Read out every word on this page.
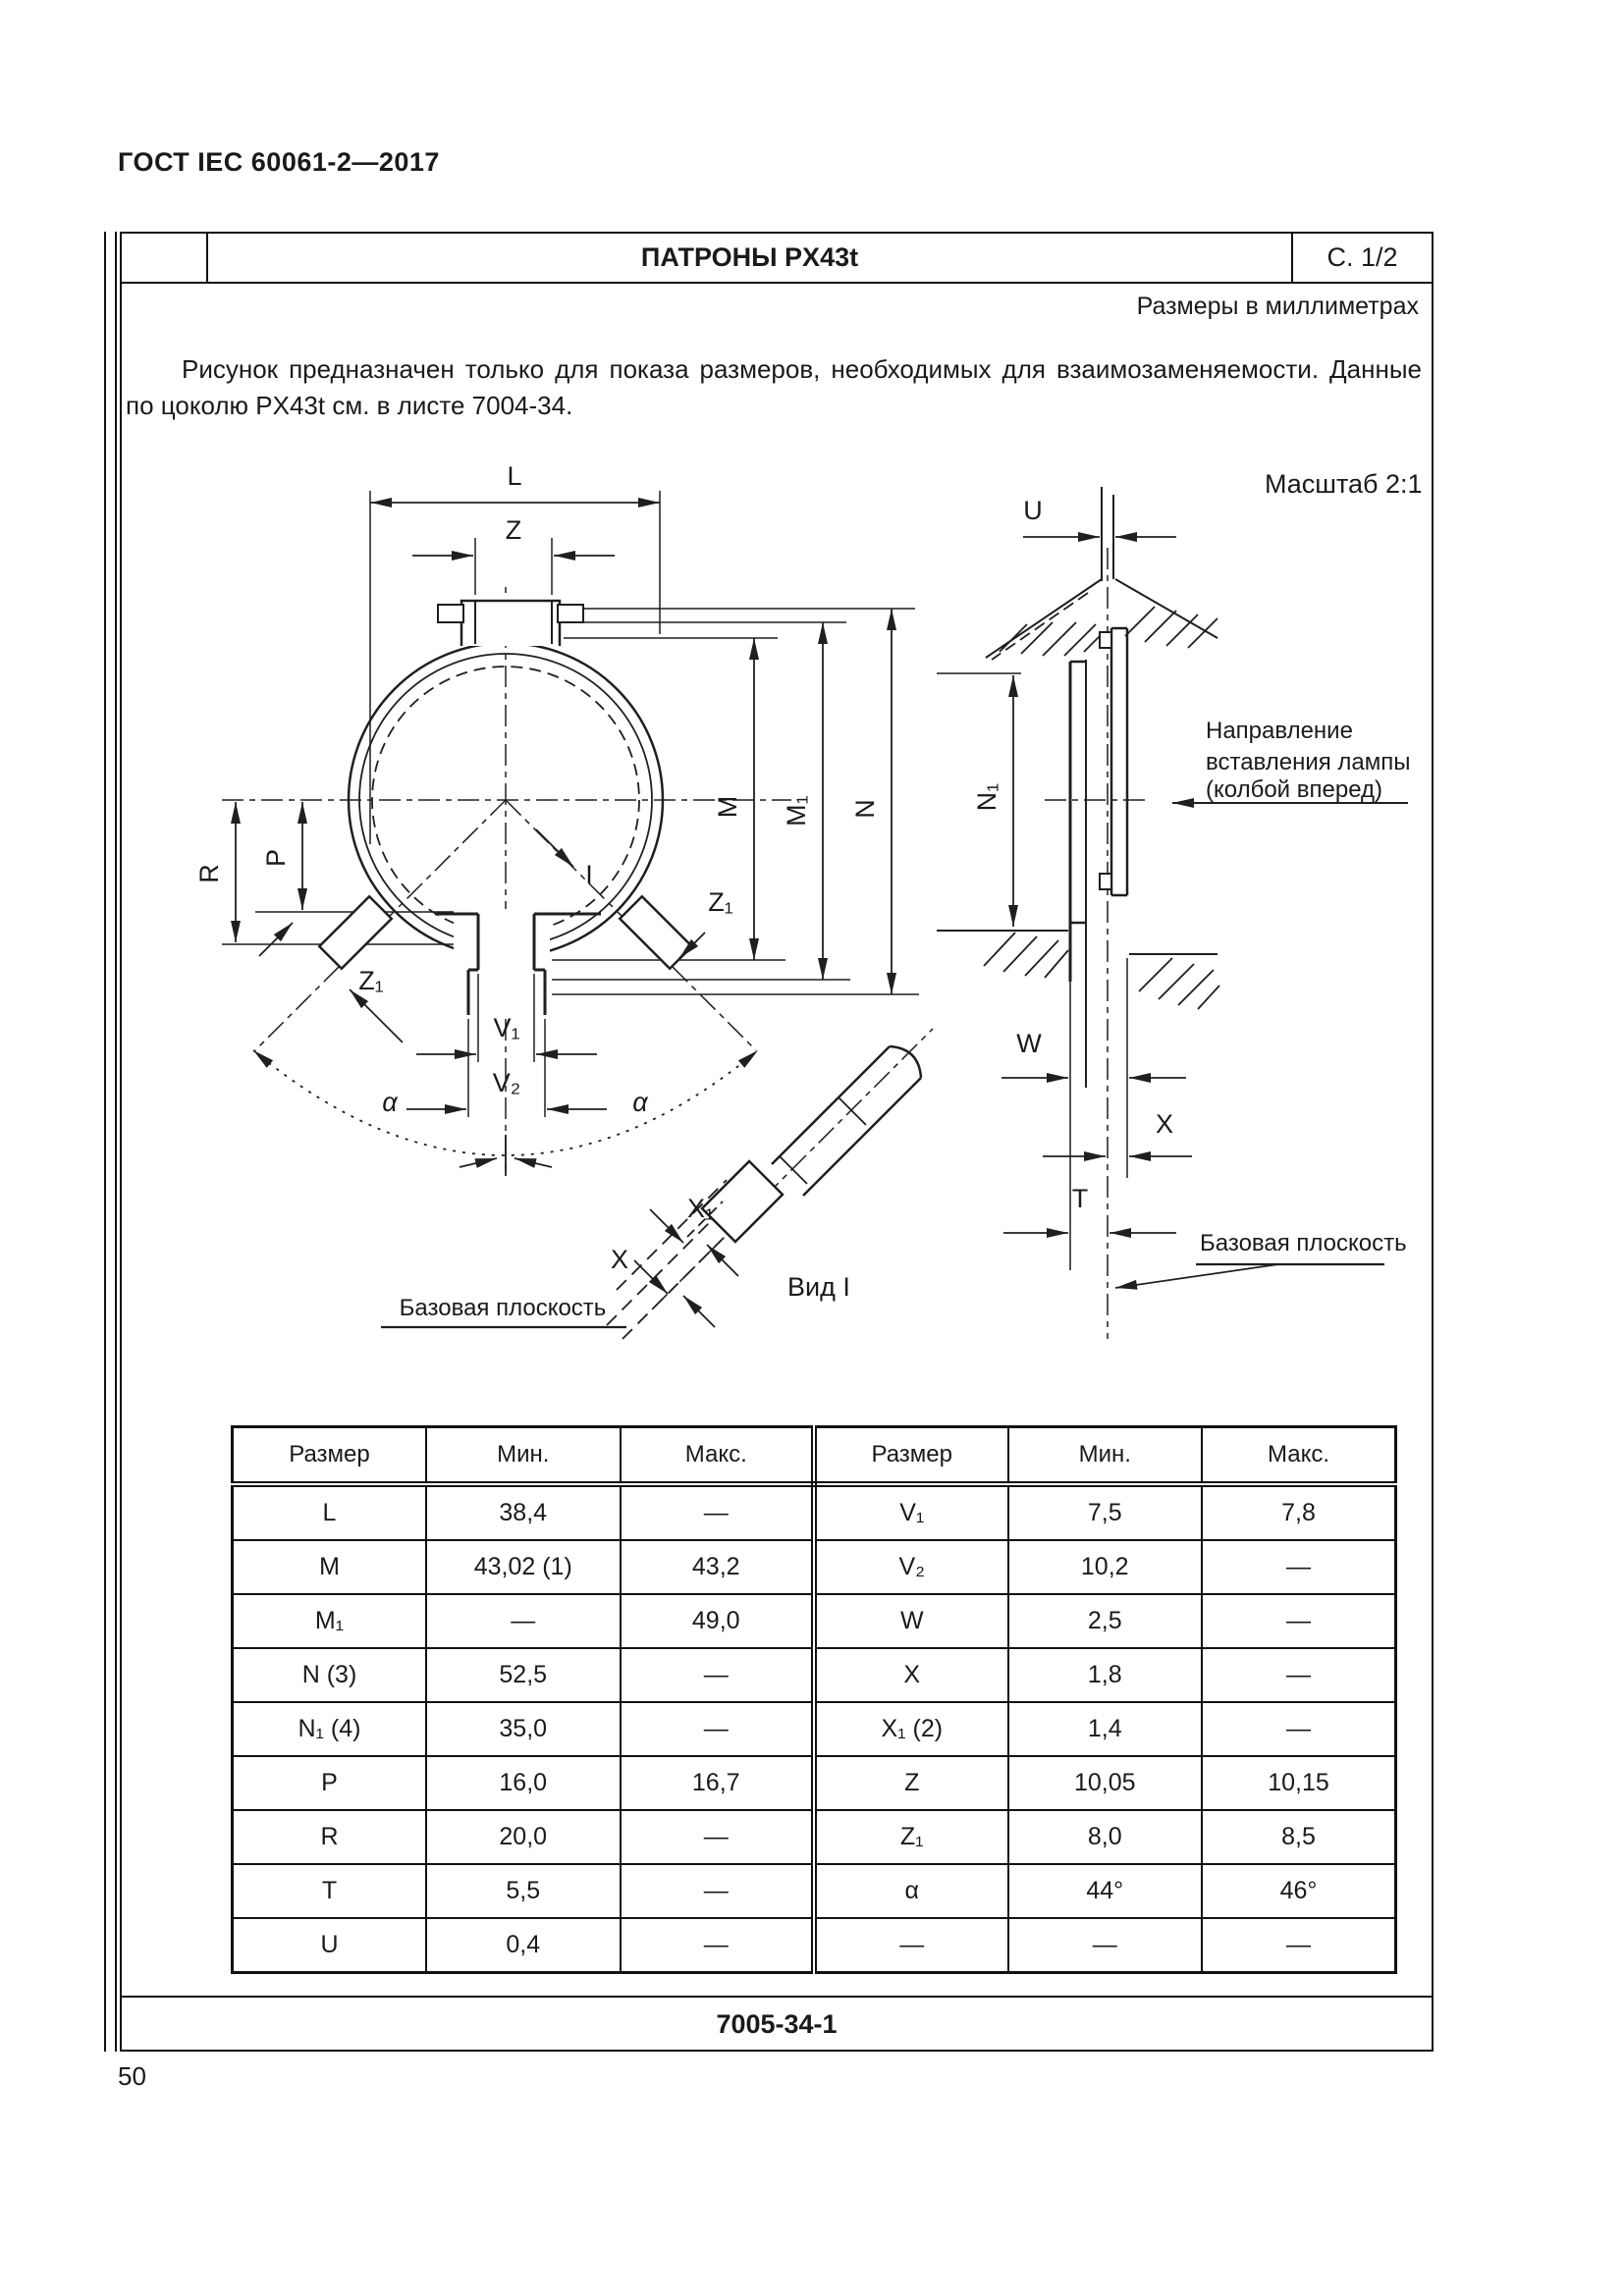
ГОСТ IEC 60061-2—2017
ПАТРОНЫ PX43t	С. 1/2
Размеры в миллиметрах
Рисунок предназначен только для показа размеров, необходимых для взаимозаменяемости. Данные по цоколю PX43t см. в листе 7004-34.
Масштаб 2:1
L
Z
M M₁ N
R
P
Z₁
Z₁
I
V₁
V₂
α	α
X₁
X
Вид I
Базовая плоскость
U
N₁
W
X
T
Направление
вставления лампы
(колбой вперед)
Базовая плоскость
Размер	Мин.	Макс.	Размер	Мин.	Макс.
L	38,4	—	V₁	7,5	7,8
M	43,02 (1)	43,2	V₂	10,2	—
M₁	—	49,0	W	2,5	—
N (3)	52,5	—	X	1,8	—
N₁ (4)	35,0	—	X₁ (2)	1,4	—
P	16,0	16,7	Z	10,05	10,15
R	20,0	—	Z₁	8,0	8,5
T	5,5	—	α	44°	46°
U	0,4	—	—	—	—
7005-34-1
50
